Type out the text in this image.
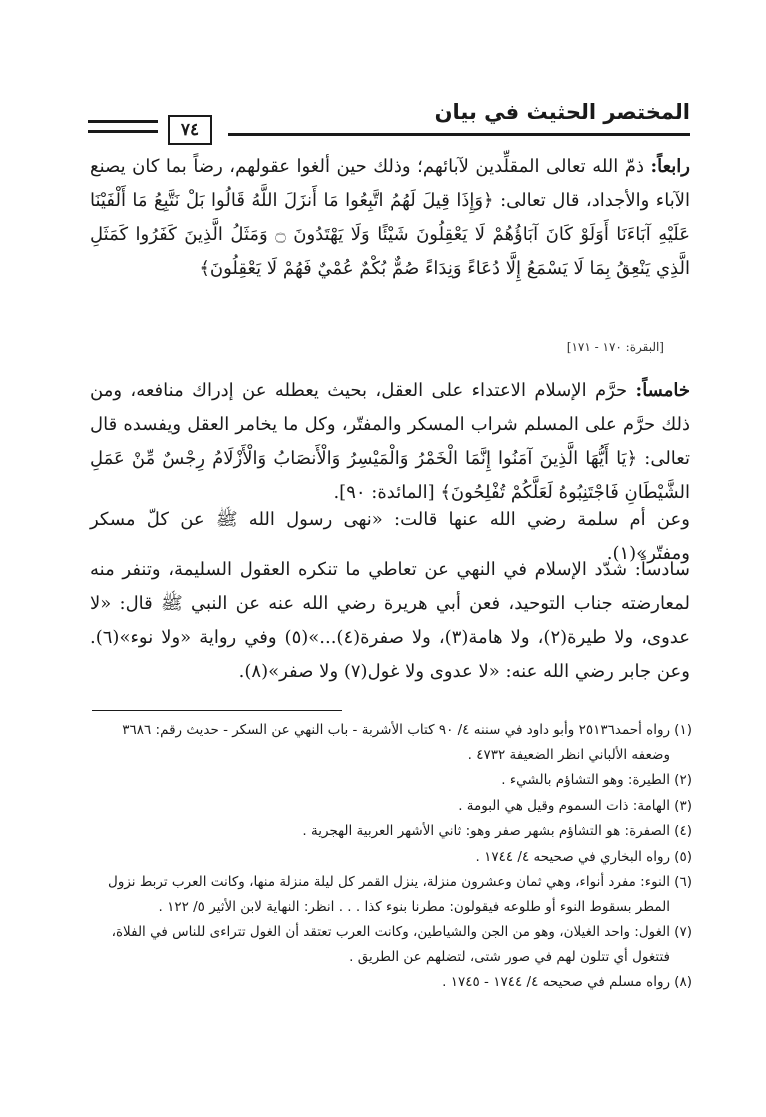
المختصر الحثيث في بيان
٧٤

رابعاً: ذمّ الله تعالى المقلِّدين لآبائهم؛ وذلك حين ألغوا عقولهم، رضاً بما كان يصنع الآباء والأجداد، قال تعالى: ﴿وَإِذَا قِيلَ لَهُمُ اتَّبِعُوا مَا أَنزَلَ اللَّهُ قَالُوا بَلْ نَتَّبِعُ مَا أَلْفَيْنَا عَلَيْهِ آبَاءَنَا أَوَلَوْ كَانَ آبَاؤُهُمْ لَا يَعْقِلُونَ شَيْئًا وَلَا يَهْتَدُونَ ۝ وَمَثَلُ الَّذِينَ كَفَرُوا كَمَثَلِ الَّذِي يَنْعِقُ بِمَا لَا يَسْمَعُ إِلَّا دُعَاءً وَنِدَاءً صُمٌّ بُكْمٌ عُمْيٌ فَهُمْ لَا يَعْقِلُونَ﴾

[البقرة: ١٧٠ - ١٧١]

خامساً: حرَّم الإسلام الاعتداء على العقل، بحيث يعطله عن إدراك منافعه، ومن ذلك حرَّم على المسلم شراب المسكر والمفتّر، وكل ما يخامر العقل ويفسده قال تعالى: ﴿يَا أَيُّهَا الَّذِينَ آمَنُوا إِنَّمَا الْخَمْرُ وَالْمَيْسِرُ وَالْأَنصَابُ وَالْأَزْلَامُ رِجْسٌ مِّنْ عَمَلِ الشَّيْطَانِ فَاجْتَنِبُوهُ لَعَلَّكُمْ تُفْلِحُونَ﴾ [المائدة: ٩٠].

وعن أم سلمة رضي الله عنها قالت: «نهى رسول الله ﷺ عن كلّ مسكر ومفتّر»(١).

سادساً: شدّد الإسلام في النهي عن تعاطي ما تنكره العقول السليمة، وتنفر منه لمعارضته جناب التوحيد، فعن أبي هريرة رضي الله عنه عن النبي ﷺ قال: «لا عدوى، ولا طيرة(٢)، ولا هامة(٣)، ولا صفرة(٤)...»(٥) وفي رواية «ولا نوء»(٦). وعن جابر رضي الله عنه: «لا عدوى ولا غول(٧) ولا صفر»(٨).

(١)
رواه أحمد٢٥١٣٦ وأبو داود في سننه ٤/ ٩٠ كتاب الأشربة - باب النهي عن السكر - حديث رقم: ٣٦٨٦ وضعفه الألباني انظر الضعيفة ٤٧٣٢ .
(٢)
الطيرة: وهو التشاؤم بالشيء .
(٣)
الهامة: ذات السموم وقيل هي البومة .
(٤)
الصفرة: هو التشاؤم بشهر صفر وهو: ثاني الأشهر العربية الهجرية .
(٥)
رواه البخاري في صحيحه ٤/ ١٧٤٤ .
(٦)
النوء: مفرد أنواء، وهي ثمان وعشرون منزلة، ينزل القمر كل ليلة منزلة منها، وكانت العرب تربط نزول المطر بسقوط النوء أو طلوعه فيقولون: مطرنا بنوء كذا . . . انظر: النهاية لابن الأثير ٥/ ١٢٢ .
(٧)
الغول: واحد الغيلان، وهو من الجن والشياطين، وكانت العرب تعتقد أن الغول تتراءى للناس في الفلاة، فتتغول أي تتلون لهم في صور شتى، لتضلهم عن الطريق .
(٨)
رواه مسلم في صحيحه ٤/ ١٧٤٤ - ١٧٤٥ .
